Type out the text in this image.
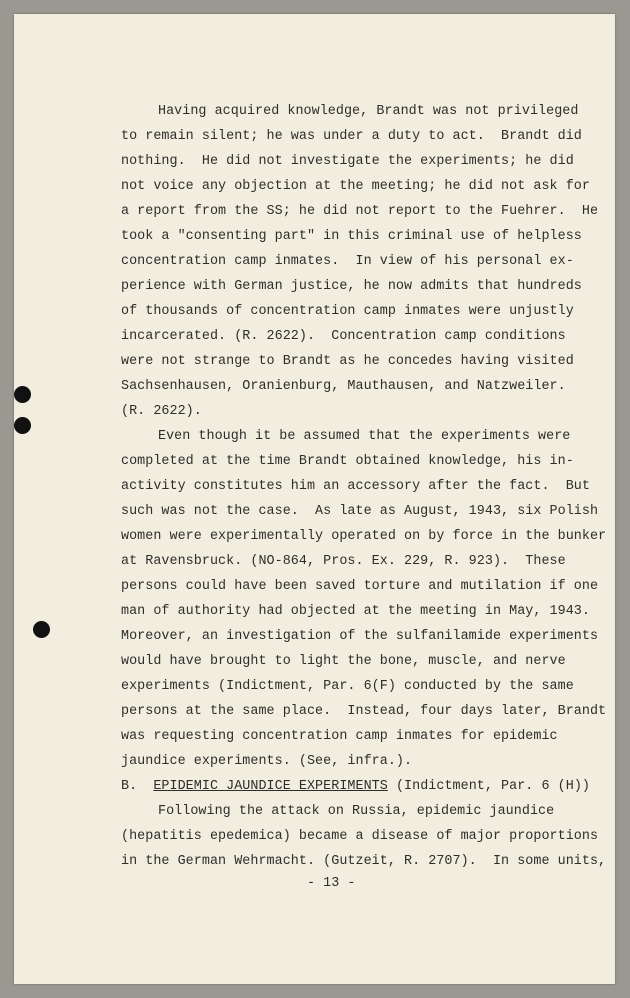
Having acquired knowledge, Brandt was not privileged
to remain silent; he was under a duty to act.  Brandt did
nothing.  He did not investigate the experiments; he did
not voice any objection at the meeting; he did not ask for
a report from the SS; he did not report to the Fuehrer.  He
took a "consenting part" in this criminal use of helpless
concentration camp inmates.  In view of his personal ex-
perience with German justice, he now admits that hundreds
of thousands of concentration camp inmates were unjustly
incarcerated. (R. 2622).  Concentration camp conditions
were not strange to Brandt as he concedes having visited
Sachsenhausen, Oranienburg, Mauthausen, and Natzweiler.
(R. 2622).
Even though it be assumed that the experiments were
completed at the time Brandt obtained knowledge, his in-
activity constitutes him an accessory after the fact.  But
such was not the case.  As late as August, 1943, six Polish
women were experimentally operated on by force in the bunker
at Ravensbruck. (NO-864, Pros. Ex. 229, R. 923).  These
persons could have been saved torture and mutilation if one
man of authority had objected at the meeting in May, 1943.
Moreover, an investigation of the sulfanilamide experiments
would have brought to light the bone, muscle, and nerve
experiments (Indictment, Par. 6(F) conducted by the same
persons at the same place.  Instead, four days later, Brandt
was requesting concentration camp inmates for epidemic
jaundice experiments. (See, infra.).
B. EPIDEMIC JAUNDICE EXPERIMENTS (Indictment, Par. 6 (H))
Following the attack on Russia, epidemic jaundice
(hepatitis epedemica) became a disease of major proportions
in the German Wehrmacht. (Gutzeit, R. 2707).  In some units,
- 13 -
